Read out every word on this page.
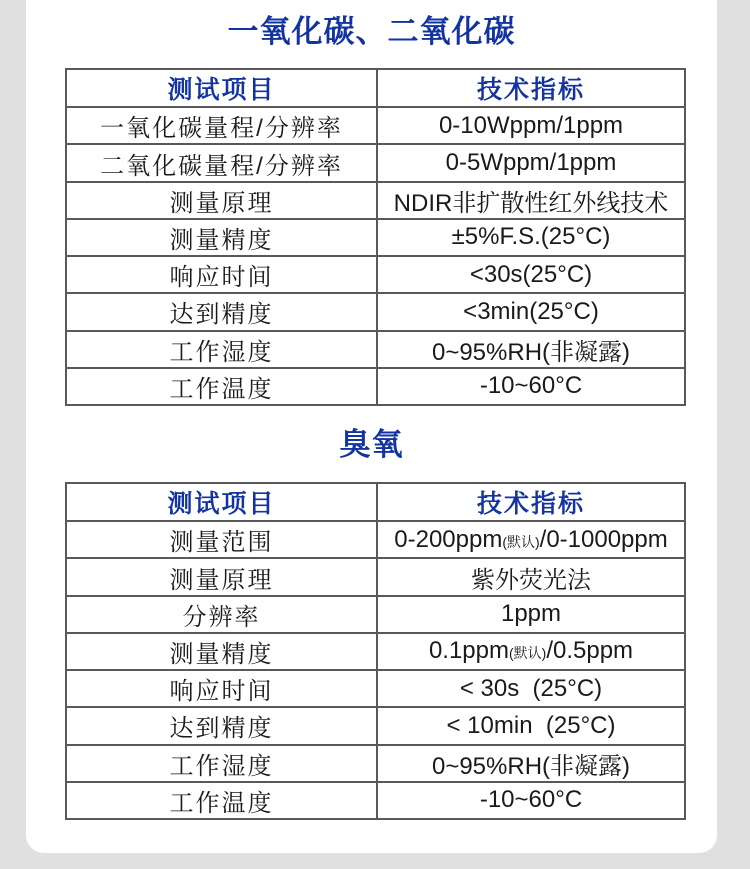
一氧化碳、二氧化碳
测试项目	技术指标
一氧化碳量程/分辨率	0-10Wppm/1ppm
二氧化碳量程/分辨率	0-5Wppm/1ppm
测量原理	NDIR非扩散性红外线技术
测量精度	±5%F.S.(25°C)
响应时间	<30s(25°C)
达到精度	<3min(25°C)
工作湿度	0~95%RH(非凝露)
工作温度	-10~60°C
臭氧
测试项目	技术指标
测量范围	0-200ppm(默认)/0-1000ppm
测量原理	紫外荧光法
分辨率	1ppm
测量精度	0.1ppm(默认)/0.5ppm
响应时间	< 30s  (25°C)
达到精度	< 10min  (25°C)
工作湿度	0~95%RH(非凝露)
工作温度	-10~60°C
